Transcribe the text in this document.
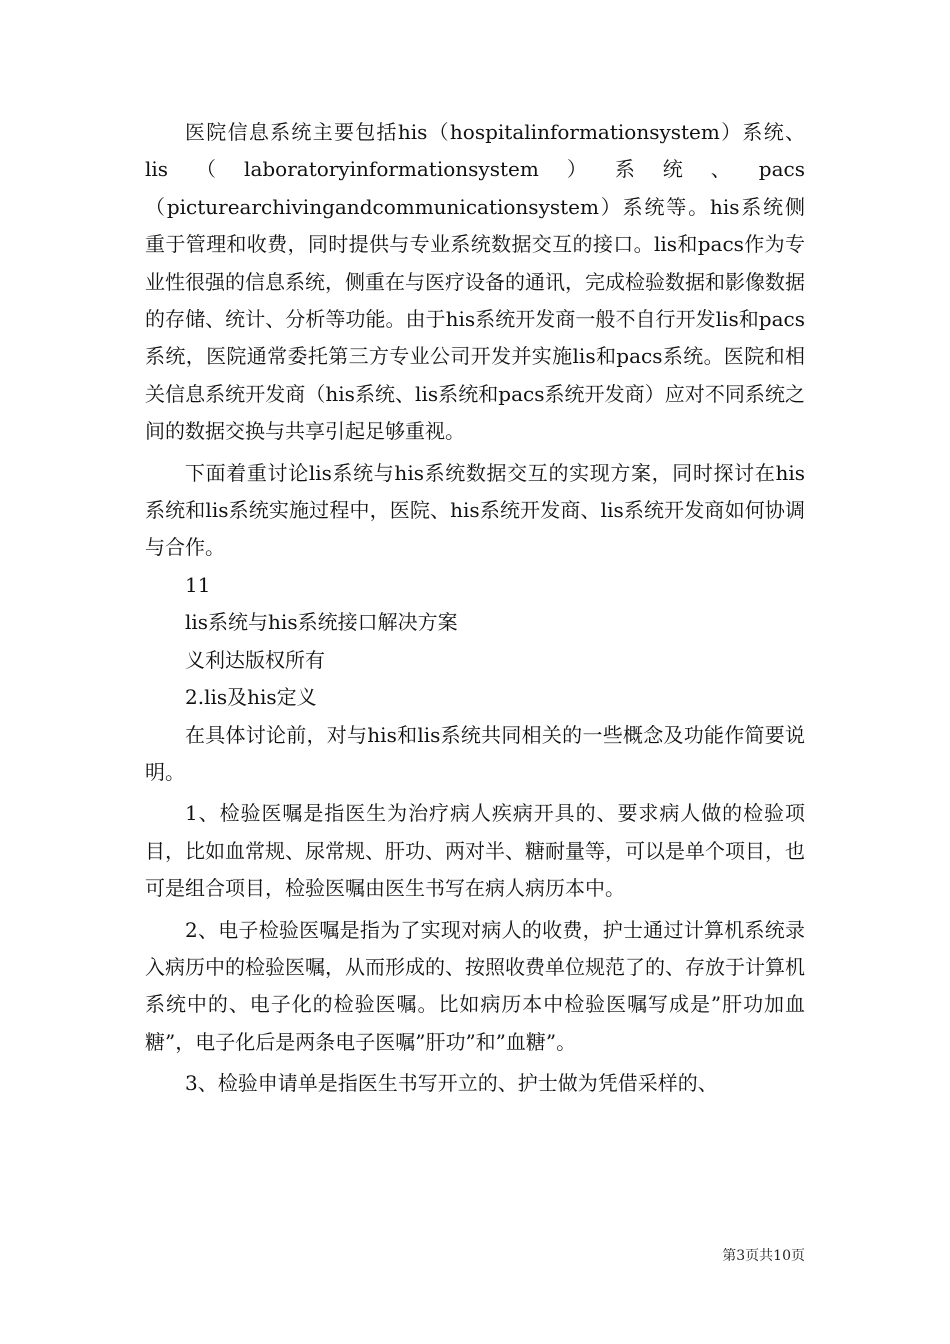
医院信息系统主要包括his（hospitalinformationsystem）系统、lis（laboratoryinformationsystem）系统、pacs（picturearchivingandcommunicationsystem）系统等。his系统侧重于管理和收费，同时提供与专业系统数据交互的接口。lis和pacs作为专业性很强的信息系统，侧重在与医疗设备的通讯，完成检验数据和影像数据的存储、统计、分析等功能。由于his系统开发商一般不自行开发lis和pacs系统，医院通常委托第三方专业公司开发并实施lis和pacs系统。医院和相关信息系统开发商（his系统、lis系统和pacs系统开发商）应对不同系统之间的数据交换与共享引起足够重视。

下面着重讨论lis系统与his系统数据交互的实现方案，同时探讨在his系统和lis系统实施过程中，医院、his系统开发商、lis系统开发商如何协调与合作。

11

lis系统与his系统接口解决方案

义利达版权所有

2.lis及his定义

在具体讨论前，对与his和lis系统共同相关的一些概念及功能作简要说明。

1、检验医嘱是指医生为治疗病人疾病开具的、要求病人做的检验项目，比如血常规、尿常规、肝功、两对半、糖耐量等，可以是单个项目，也可是组合项目，检验医嘱由医生书写在病人病历本中。

2、电子检验医嘱是指为了实现对病人的收费，护士通过计算机系统录入病历中的检验医嘱，从而形成的、按照收费单位规范了的、存放于计算机系统中的、电子化的检验医嘱。比如病历本中检验医嘱写成是”肝功加血糖”，电子化后是两条电子医嘱”肝功”和”血糖”。

3、检验申请单是指医生书写开立的、护士做为凭借采样的、

第3页共10页
